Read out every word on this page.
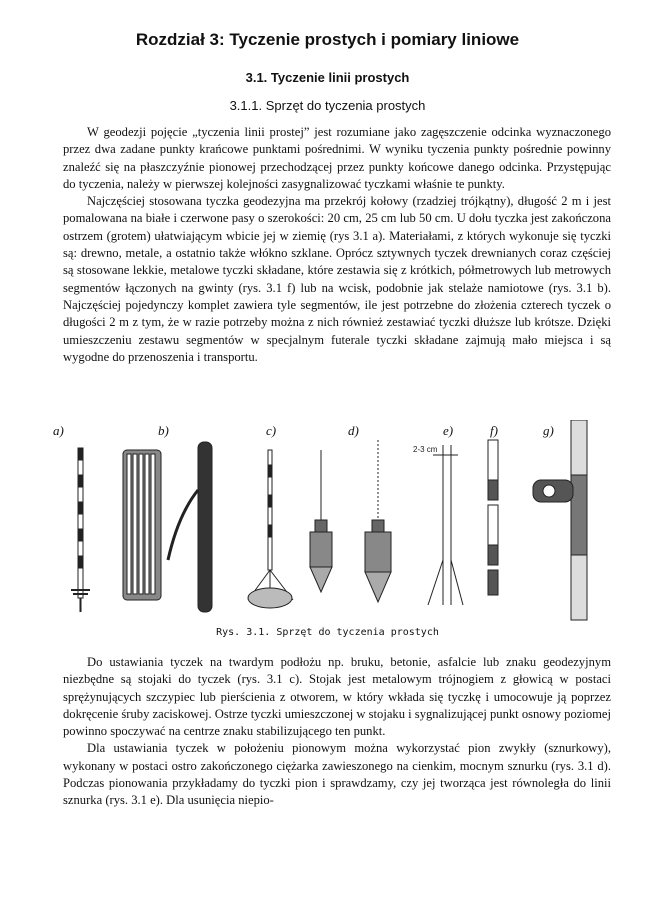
Rozdział 3: Tyczenie prostych i pomiary liniowe
3.1. Tyczenie linii prostych
3.1.1. Sprzęt do tyczenia prostych

W geodezji pojęcie „tyczenia linii prostej” jest rozumiane jako zagęszczenie odcinka wyznaczonego przez dwa zadane punkty krańcowe punktami pośrednimi. W wyniku tyczenia punkty pośrednie powinny znaleźć się na płaszczyźnie pionowej przechodzącej przez punkty końcowe danego odcinka. Przystępując do tyczenia, należy w pierwszej kolejności zasygnalizować tyczkami właśnie te punkty.

Najczęściej stosowana tyczka geodezyjna ma przekrój kołowy (rzadziej trójkątny), długość 2 m i jest pomalowana na białe i czerwone pasy o szerokości: 20 cm, 25 cm lub 50 cm. U dołu tyczka jest zakończona ostrzem (grotem) ułatwiającym wbicie jej w ziemię (rys 3.1 a). Materiałami, z których wykonuje się tyczki są: drewno, metale, a ostatnio także włókno szklane. Oprócz sztywnych tyczek drewnianych coraz częściej są stosowane lekkie, metalowe tyczki składane, które zestawia się z krótkich, półmetrowych lub metrowych segmentów łączonych na gwinty (rys. 3.1 f) lub na wcisk, podobnie jak stelaże namiotowe (rys. 3.1 b). Najczęściej pojedynczy komplet zawiera tyle segmentów, ile jest potrzebne do złożenia czterech tyczek o długości 2 m z tym, że w razie potrzeby można z nich również zestawiać tyczki dłuższe lub krótsze. Dzięki umieszczeniu zestawu segmentów w specjalnym futerale tyczki składane zajmują mało miejsca i są wygodne do przenoszenia i transportu.

a)	b)	c)	d)	e)	f)	g)
2-3 cm
Rys. 3.1. Sprzęt do tyczenia prostych

Do ustawiania tyczek na twardym podłożu np. bruku, betonie, asfalcie lub znaku geodezyjnym niezbędne są stojaki do tyczek (rys. 3.1 c). Stojak jest metalowym trójnogiem z głowicą w postaci sprężynujących szczypiec lub pierścienia z otworem, w który wkłada się tyczkę i umocowuje ją poprzez dokręcenie śruby zaciskowej. Ostrze tyczki umieszczonej w stojaku i sygnalizującej punkt osnowy poziomej powinno spoczywać na centrze znaku stabilizującego ten punkt.

Dla ustawiania tyczek w położeniu pionowym można wykorzystać pion zwykły (sznurkowy), wykonany w postaci ostro zakończonego ciężarka zawieszonego na cienkim, mocnym sznurku (rys. 3.1 d). Podczas pionowania przykładamy do tyczki pion i sprawdzamy, czy jej tworząca jest równoległa do linii sznurka (rys. 3.1 e). Dla usunięcia niepio-
